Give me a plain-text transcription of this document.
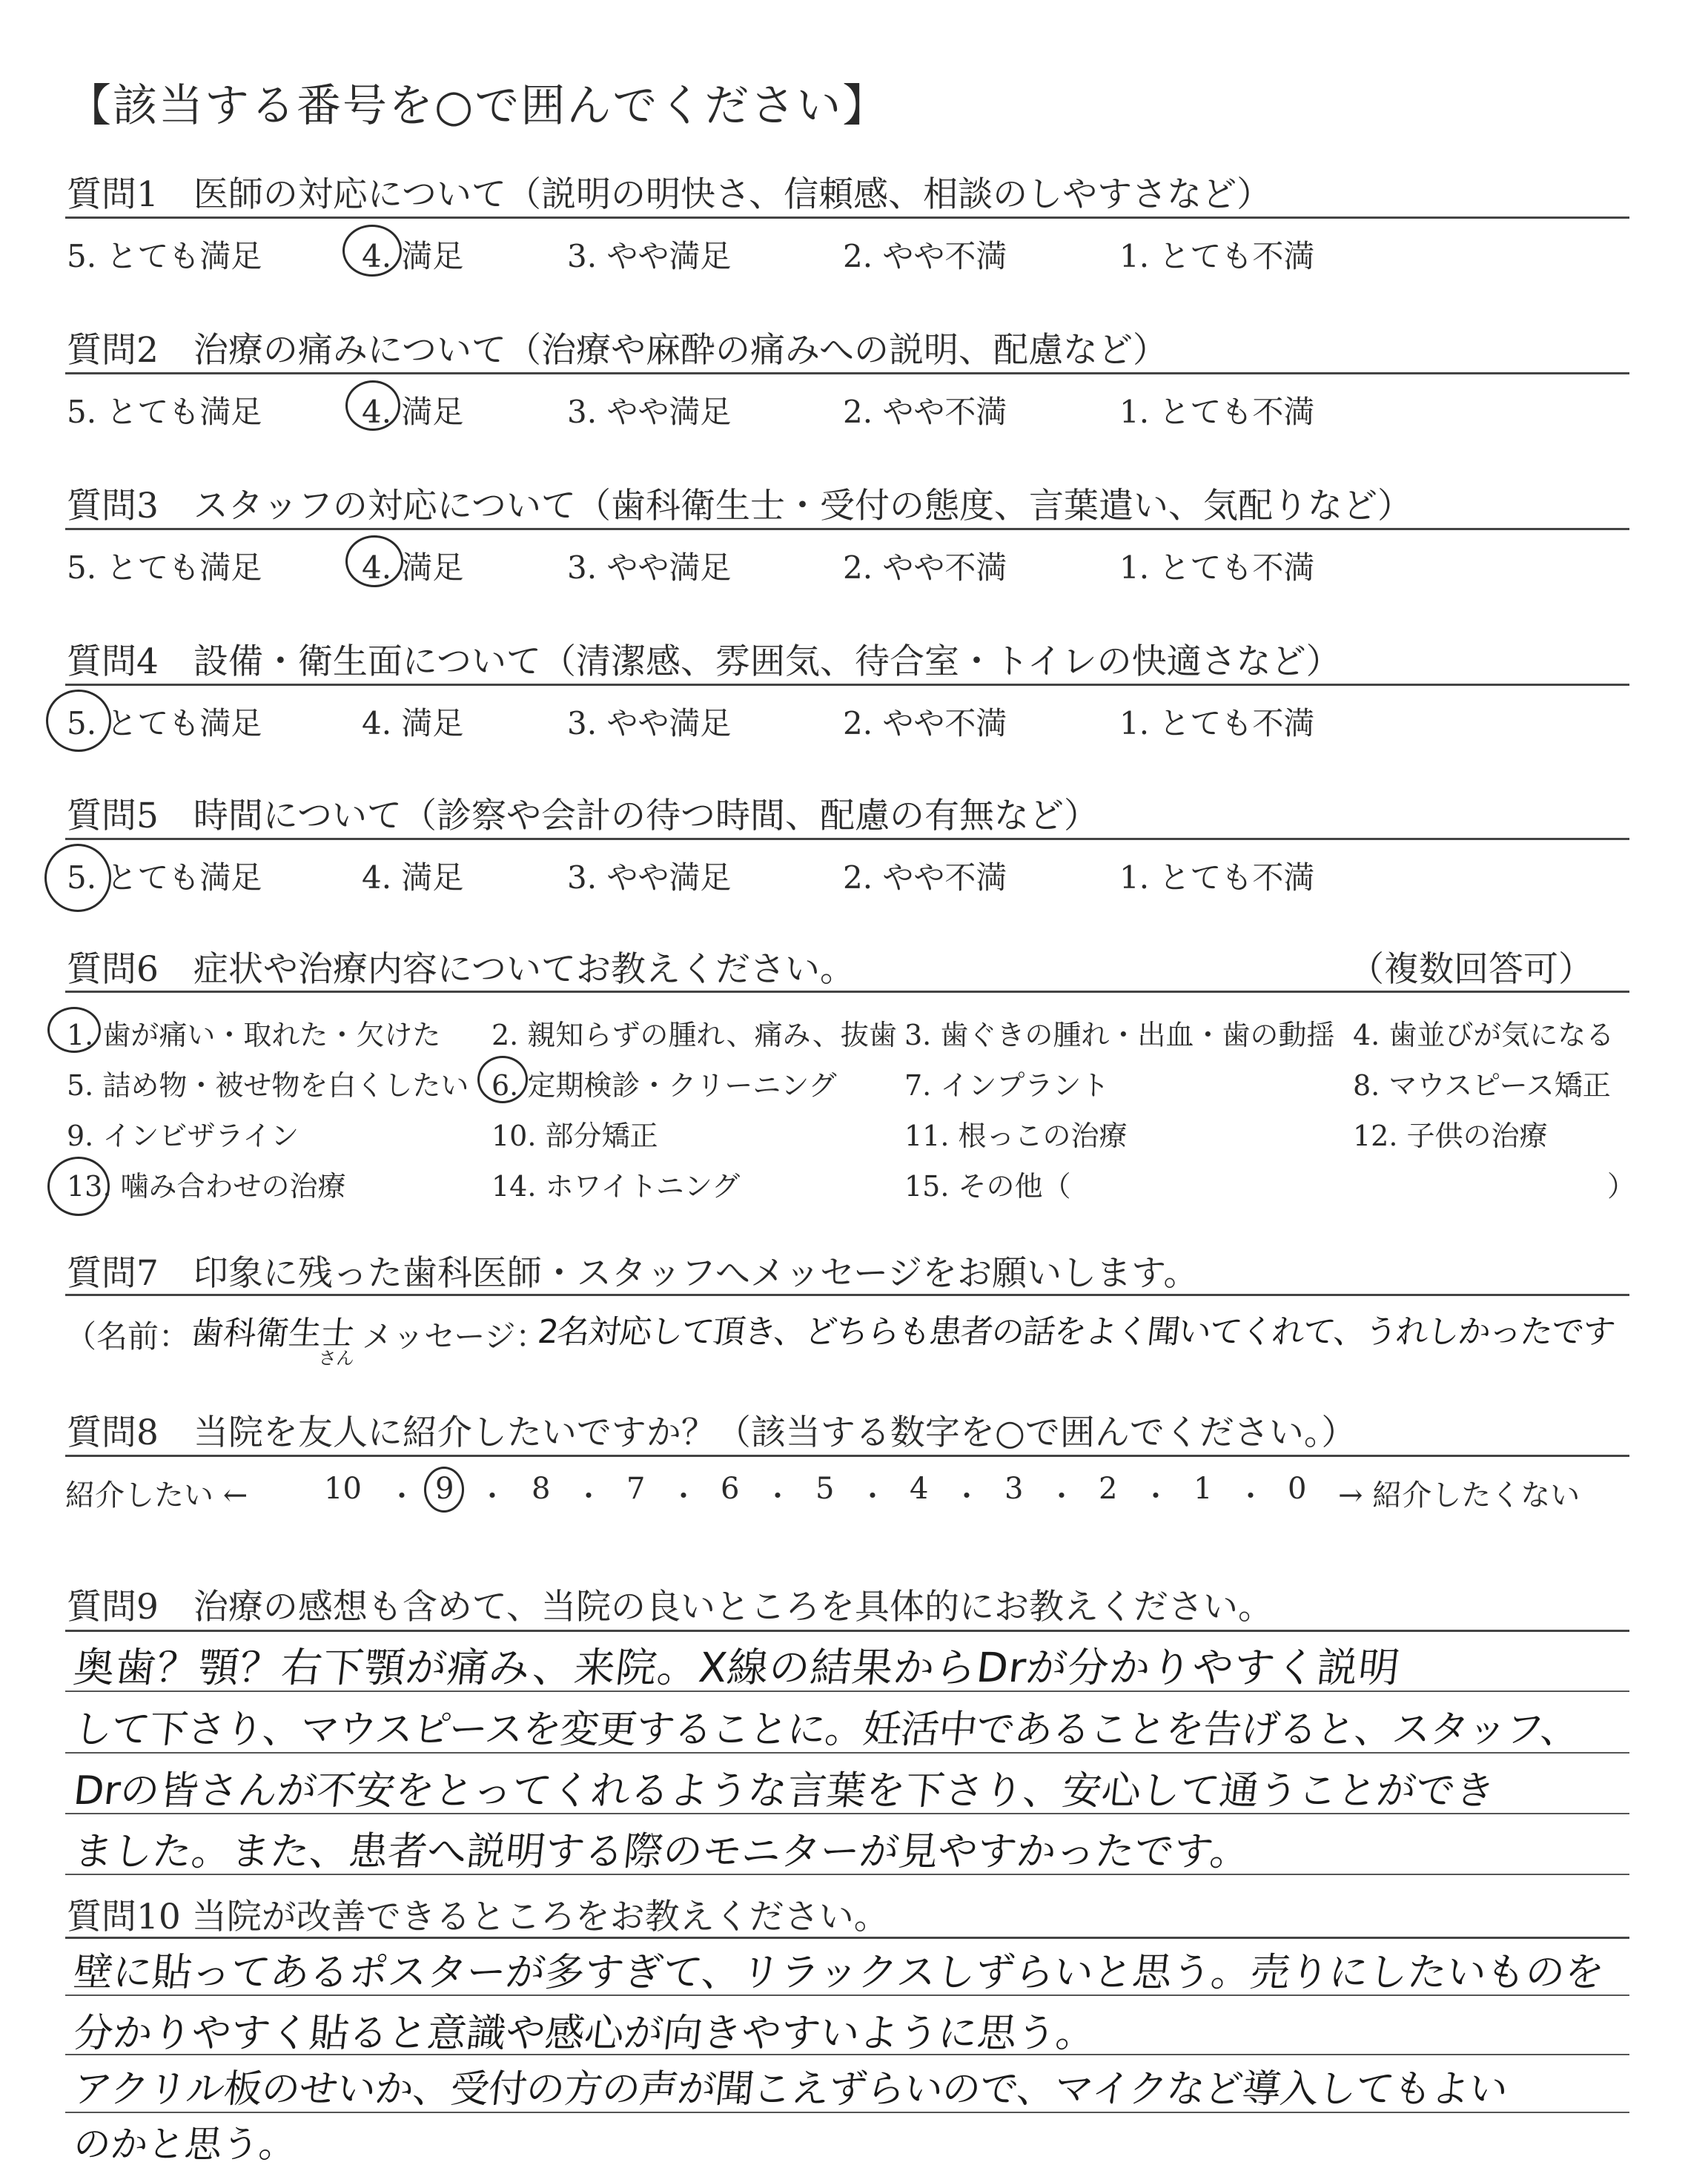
【該当する番号を○で囲んでください】
質問1　医師の対応について（説明の明快さ、信頼感、相談のしやすさなど）
5. とても満足	4. 満足	3. やや満足	2. やや不満	1. とても不満
質問2　治療の痛みについて（治療や麻酔の痛みへの説明、配慮など）
5. とても満足	4. 満足	3. やや満足	2. やや不満	1. とても不満
質問3　スタッフの対応について（歯科衛生士・受付の態度、言葉遣い、気配りなど）
5. とても満足	4. 満足	3. やや満足	2. やや不満	1. とても不満
質問4　設備・衛生面について（清潔感、雰囲気、待合室・トイレの快適さなど）
5. とても満足	4. 満足	3. やや満足	2. やや不満	1. とても不満
質問5　時間について（診察や会計の待つ時間、配慮の有無など）
5. とても満足	4. 満足	3. やや満足	2. やや不満	1. とても不満
質問6　症状や治療内容についてお教えください。	（複数回答可）
1. 歯が痛い・取れた・欠けた 2. 親知らずの腫れ、痛み、抜歯 3. 歯ぐきの腫れ・出血・歯の動揺 4. 歯並びが気になる
5. 詰め物・被せ物を白くしたい 6. 定期検診・クリーニング 7. インプラント	8. マウスピース矯正
9. インビザライン	10. 部分矯正	11. 根っこの治療	12. 子供の治療
13. 噛み合わせの治療	14. ホワイトニング	15. その他（	）
質問7　印象に残った歯科医師・スタッフへメッセージをお願いします。
（名前：
歯科衛生士
さん
メッセージ：
2名対応して頂き、どちらも患者の話をよく聞いてくれて、うれしかったです
質問8　当院を友人に紹介したいですか？（該当する数字を○で囲んでください。）
紹介したい ←	10 ・ 9 ・ 8 ・ 7 ・ 6 ・ 5 ・ 4 ・ 3 ・ 2 ・ 1 ・ 0 → 紹介したくない
質問9　治療の感想も含めて、当院の良いところを具体的にお教えください。
奥歯？顎？右下顎が痛み、来院。X線の結果からDrが分かりやすく説明
して下さり、マウスピースを変更することに。妊活中であることを告げると、スタッフ、
Drの皆さんが不安をとってくれるような言葉を下さり、安心して通うことができ
ました。また、患者へ説明する際のモニターが見やすかったです。
質問10 当院が改善できるところをお教えください。
壁に貼ってあるポスターが多すぎて、リラックスしずらいと思う。売りにしたいものを
分かりやすく貼ると意識や感心が向きやすいように思う。
アクリル板のせいか、受付の方の声が聞こえずらいので、マイクなど導入してもよい
のかと思う。
